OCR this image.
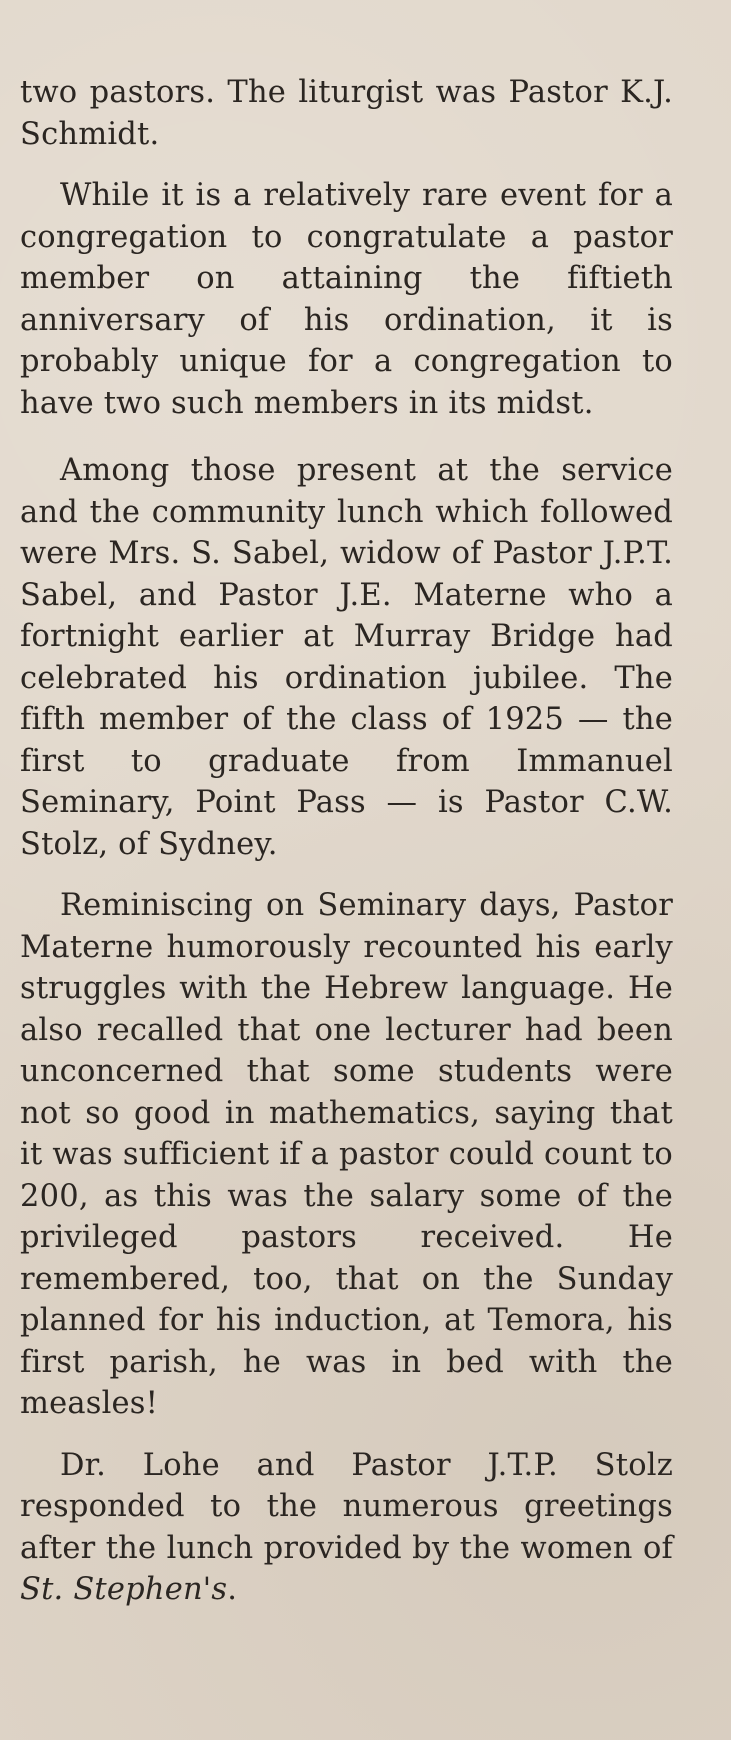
two pastors. The liturgist was Pastor K.J. Schmidt.

While it is a relatively rare event for a congregation to congratulate a pastor member on attaining the fiftieth anniversary of his ordination, it is probably unique for a congregation to have two such members in its midst.

Among those present at the service and the community lunch which followed were Mrs. S. Sabel, widow of Pastor J.P.T. Sabel, and Pastor J.E. Materne who a fortnight earlier at Murray Bridge had celebrated his ordination jubilee. The fifth member of the class of 1925 — the first to graduate from Immanuel Seminary, Point Pass — is Pastor C.W. Stolz, of Sydney.

Reminiscing on Seminary days, Pastor Materne humorously recounted his early struggles with the Hebrew language. He also recalled that one lecturer had been unconcerned that some students were not so good in mathematics, saying that it was sufficient if a pastor could count to 200, as this was the salary some of the privileged pastors received. He remembered, too, that on the Sunday planned for his induction, at Temora, his first parish, he was in bed with the measles!

Dr. Lohe and Pastor J.T.P. Stolz responded to the numerous greetings after the lunch provided by the women of St. Stephen's.
